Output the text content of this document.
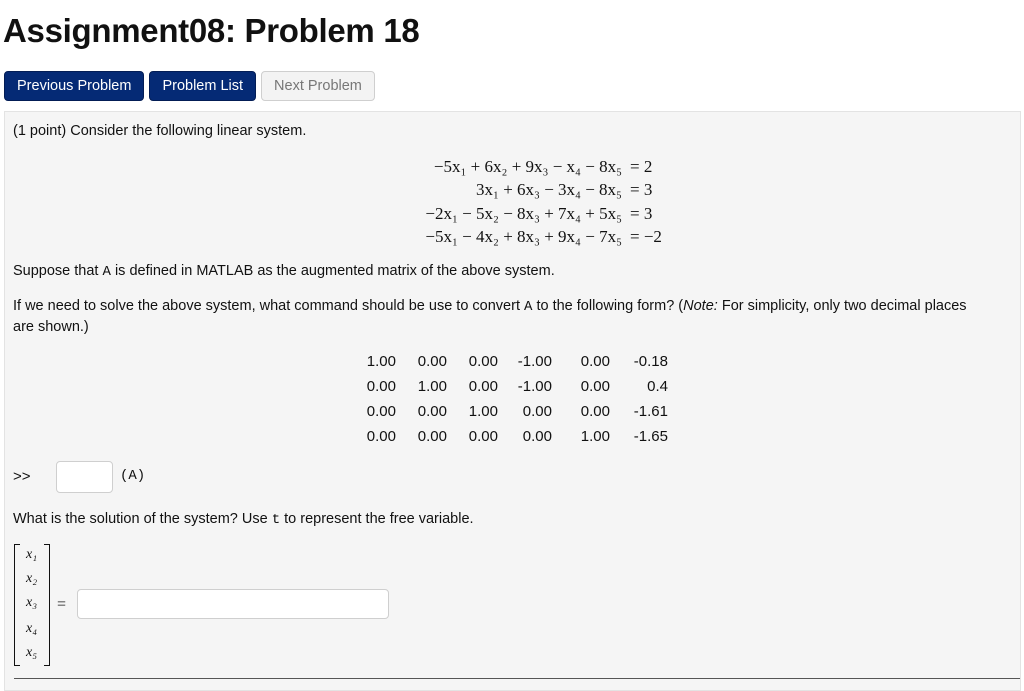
Assignment08: Problem 18
Previous Problem	Problem List	Next Problem
(1 point) Consider the following linear system.
−5x₁ + 6x₂ + 9x₃ − x₄ − 8x₅ = 2
3x₁ + 6x₃ − 3x₄ − 8x₅ = 3
−2x₁ − 5x₂ − 8x₃ + 7x₄ + 5x₅ = 3
−5x₁ − 4x₂ + 8x₃ + 9x₄ − 7x₅ = −2
Suppose that A is defined in MATLAB as the augmented matrix of the above system.
If we need to solve the above system, what command should be use to convert A to the following form? (Note: For simplicity, only two decimal places
are shown.)
1.00	0.00	0.00	-1.00	0.00	-0.18
0.00	1.00	0.00	-1.00	0.00	0.4
0.00	0.00	1.00	0.00	0.00	-1.61
0.00	0.00	0.00	0.00	1.00	-1.65
>>	(A)
What is the solution of the system? Use t to represent the free variable.
x₁
x₂
x₃
x₄
x₅
=
